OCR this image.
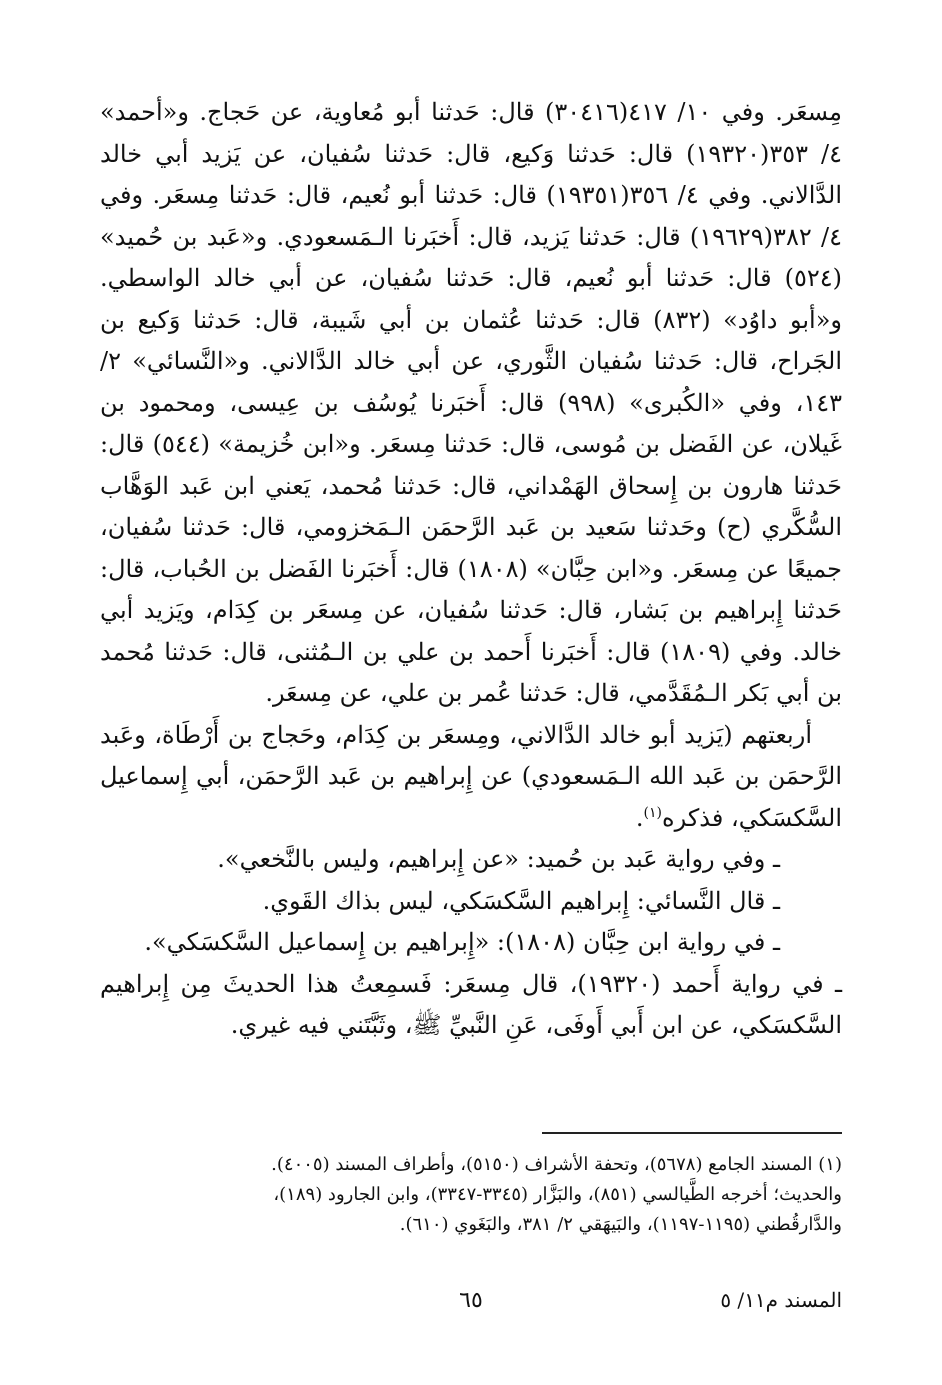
مِسعَر. وفي ١٠/ ٤١٧(٣٠٤١٦) قال: حَدثنا أبو مُعاوية، عن حَجاج. و«أحمد» ٤/ ٣٥٣(١٩٣٢٠) قال: حَدثنا وَكيع، قال: حَدثنا سُفيان، عن يَزيد أبي خالد الدَّالاني. وفي ٤/ ٣٥٦(١٩٣٥١) قال: حَدثنا أبو نُعيم، قال: حَدثنا مِسعَر. وفي ٤/ ٣٨٢(١٩٦٢٩) قال: حَدثنا يَزيد، قال: أَخبَرنا الـمَسعودي. و«عَبد بن حُميد» (٥٢٤) قال: حَدثنا أبو نُعيم، قال: حَدثنا سُفيان، عن أبي خالد الواسطي. و«أبو داوُد» (٨٣٢) قال: حَدثنا عُثمان بن أبي شَيبة، قال: حَدثنا وَكيع بن الجَراح، قال: حَدثنا سُفيان الثَّوري، عن أبي خالد الدَّالاني. و«النَّسائي» ٢/ ١٤٣، وفي «الكُبرى» (٩٩٨) قال: أَخبَرنا يُوسُف بن عِيسى، ومحمود بن غَيلان، عن الفَضل بن مُوسى، قال: حَدثنا مِسعَر. و«ابن خُزيمة» (٥٤٤) قال: حَدثنا هارون بن إِسحاق الهَمْداني، قال: حَدثنا مُحمد، يَعني ابن عَبد الوَهَّاب السُّكَّري (ح) وحَدثنا سَعيد بن عَبد الرَّحمَن الـمَخزومي، قال: حَدثنا سُفيان، جميعًا عن مِسعَر. و«ابن حِبَّان» (١٨٠٨) قال: أَخبَرنا الفَضل بن الحُباب، قال: حَدثنا إِبراهيم بن بَشار، قال: حَدثنا سُفيان، عن مِسعَر بن كِدَام، ويَزيد أبي خالد. وفي (١٨٠٩) قال: أَخبَرنا أَحمد بن علي بن الـمُثنى، قال: حَدثنا مُحمد بن أبي بَكر الـمُقَدَّمي، قال: حَدثنا عُمر بن علي، عن مِسعَر.

أربعتهم (يَزيد أبو خالد الدَّالاني، ومِسعَر بن كِدَام، وحَجاج بن أَرْطَاة، وعَبد الرَّحمَن بن عَبد الله الـمَسعودي) عن إِبراهيم بن عَبد الرَّحمَن، أبي إِسماعيل السَّكسَكي، فذكره$^{(١)}$.

ـ وفي رواية عَبد بن حُميد: «عن إِبراهيم، وليس بالنَّخعي».

ـ قال النَّسائي: إِبراهيم السَّكسَكي، ليس بذاك القَوي.

ـ في رواية ابن حِبَّان (١٨٠٨): «إِبراهيم بن إِسماعيل السَّكسَكي».

ـ في رواية أَحمد (١٩٣٢٠)، قال مِسعَر: فَسمِعتُ هذا الحديثَ مِن إِبراهيم السَّكسَكي، عن ابن أَبي أَوفَى، عَنِ النَّبيِّ ﷺ، وثَبَّتَني فيه غيري.

(١) المسند الجامع (٥٦٧٨)، وتحفة الأشراف (٥١٥٠)، وأطراف المسند (٤٠٠٥).

والحديث؛ أخرجه الطَّيالسي (٨٥١)، والبَزَّار (٣٣٤٥-٣٣٤٧)، وابن الجارود (١٨٩)،

والدَّارقُطني (١١٩٥-١١٩٧)، والبَيهَقي ٢/ ٣٨١، والبَغَوي (٦١٠).

المسند م١١/ ٥
٦٥
